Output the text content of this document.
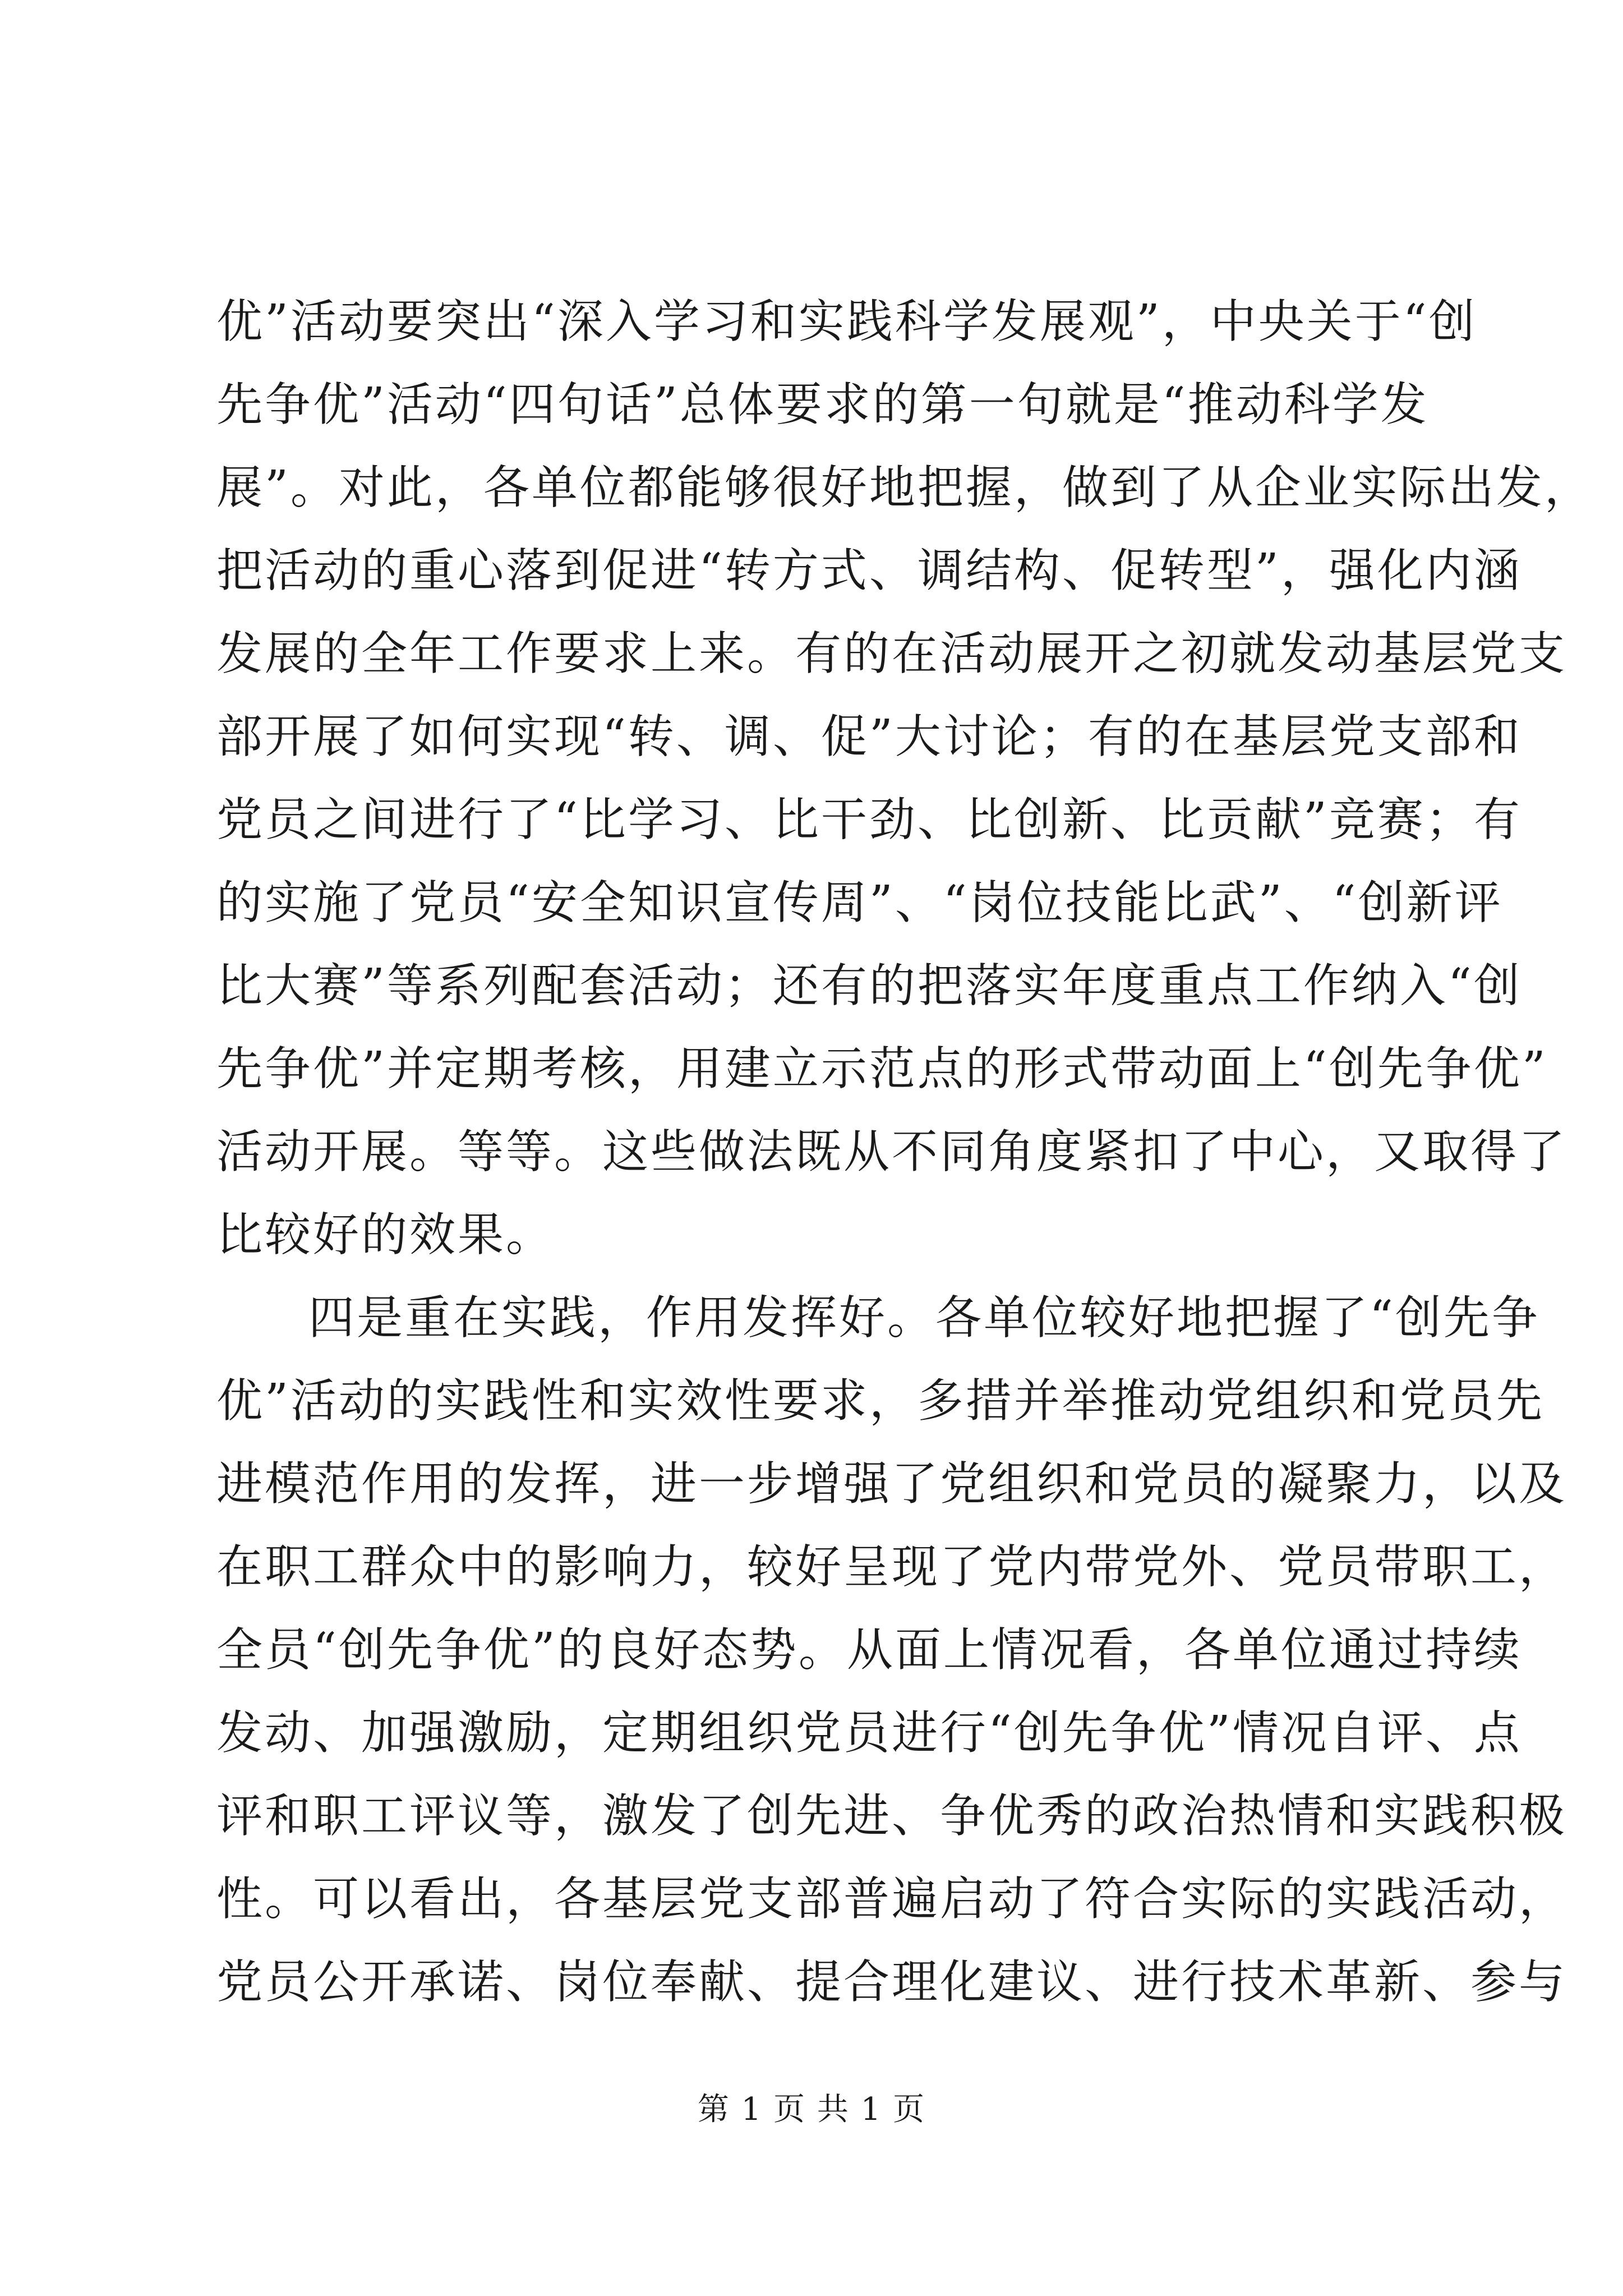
优”活动要突出“深入学习和实践科学发展观”，中央关于“创
先争优”活动“四句话”总体要求的第一句就是“推动科学发
展”。对此，各单位都能够很好地把握，做到了从企业实际出发，
把活动的重心落到促进“转方式、调结构、促转型”，强化内涵
发展的全年工作要求上来。有的在活动展开之初就发动基层党支
部开展了如何实现“转、调、促”大讨论；有的在基层党支部和
党员之间进行了“比学习、比干劲、比创新、比贡献”竞赛；有
的实施了党员“安全知识宣传周”、“岗位技能比武”、“创新评
比大赛”等系列配套活动；还有的把落实年度重点工作纳入“创
先争优”并定期考核，用建立示范点的形式带动面上“创先争优”
活动开展。等等。这些做法既从不同角度紧扣了中心，又取得了
比较好的效果。
四是重在实践，作用发挥好。各单位较好地把握了“创先争
优”活动的实践性和实效性要求，多措并举推动党组织和党员先
进模范作用的发挥，进一步增强了党组织和党员的凝聚力，以及
在职工群众中的影响力，较好呈现了党内带党外、党员带职工，
全员“创先争优”的良好态势。从面上情况看，各单位通过持续
发动、加强激励，定期组织党员进行“创先争优”情况自评、点
评和职工评议等，激发了创先进、争优秀的政治热情和实践积极
性。可以看出，各基层党支部普遍启动了符合实际的实践活动，
党员公开承诺、岗位奉献、提合理化建议、进行技术革新、参与
第 1 页 共 1 页
